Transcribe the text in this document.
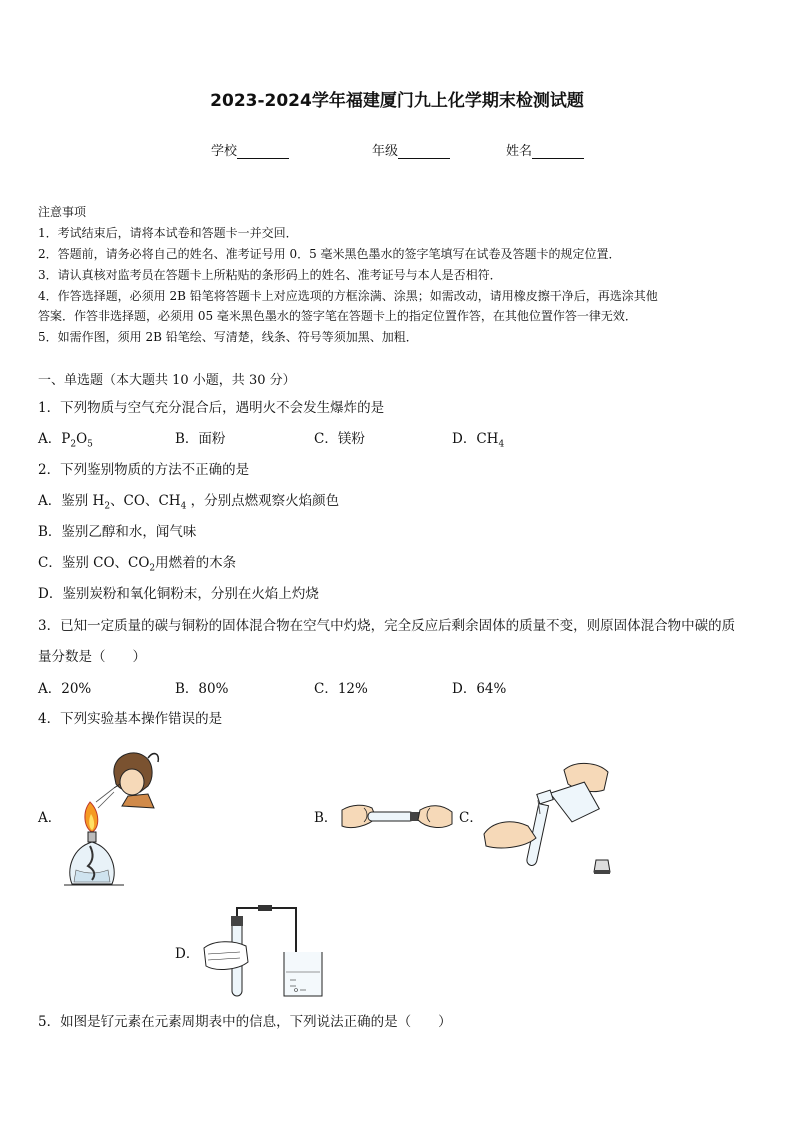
2023-2024学年福建厦门九上化学期末检测试题
学校	年级	姓名
注意事项
1．考试结束后，请将本试卷和答题卡一并交回．
2．答题前，请务必将自己的姓名、准考证号用 0．5 毫米黑色墨水的签字笔填写在试卷及答题卡的规定位置．
3．请认真核对监考员在答题卡上所粘贴的条形码上的姓名、准考证号与本人是否相符．
4．作答选择题，必须用 2B 铅笔将答题卡上对应选项的方框涂满、涂黑；如需改动，请用橡皮擦干净后，再选涂其他
答案．作答非选择题，必须用 05 毫米黑色墨水的签字笔在答题卡上的指定位置作答，在其他位置作答一律无效．
5．如需作图，须用 2B 铅笔绘、写清楚，线条、符号等须加黑、加粗．
一、单选题（本大题共 10 小题，共 30 分）
1．下列物质与空气充分混合后，遇明火不会发生爆炸的是
A．$P_2O_5$	B．面粉	C．镁粉	D．$CH_4$
2．下列鉴别物质的方法不正确的是
A．鉴别 $H_2$、CO、$CH_4$ ，分别点燃观察火焰颜色
B．鉴别乙醇和水，闻气味
C．鉴别 CO、$CO_2$用燃着的木条
D．鉴别炭粉和氧化铜粉末，分别在火焰上灼烧
3．已知一定质量的碳与铜粉的固体混合物在空气中灼烧，完全反应后剩余固体的质量不变，则原固体混合物中碳的质
量分数是（　　）
A．20%	B．80%	C．12%	D．64%
4．下列实验基本操作错误的是
A．	B．	C．
D．
5．如图是钌元素在元素周期表中的信息，下列说法正确的是（　　）
